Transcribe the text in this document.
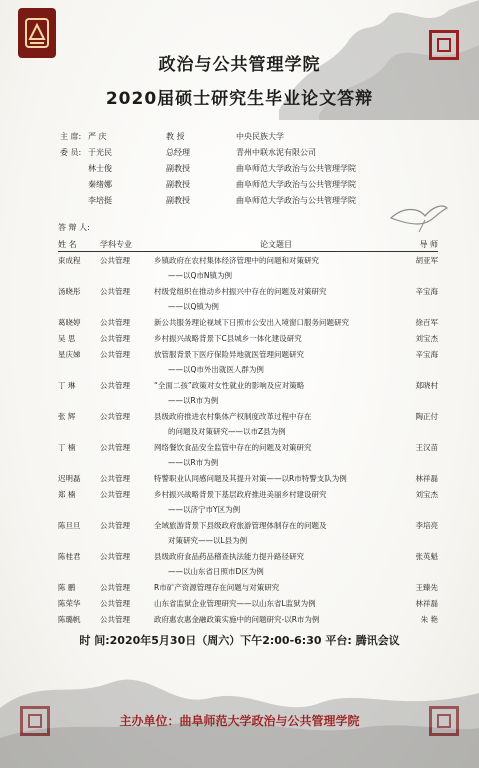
政治与公共管理学院
2020届硕士研究生毕业论文答辩
主 席: 严 庆	教 授	中央民族大学
委 员: 于光民	总经理	青州中联水泥有限公司
林士俊	副教授	曲阜师范大学政治与公共管理学院
秦绪娜	副教授	曲阜师范大学政治与公共管理学院
李培挺	副教授	曲阜师范大学政治与公共管理学院
答 辩 人:
姓 名	学科专业	论文题目	导 师
束成程	公共管理	乡镇政府在农村集体经济管理中的问题和对策研究	胡亚军
——以Q市N镇为例
汤晓彤	公共管理	村级党组织在推动乡村振兴中存在的问题及对策研究	辛宝海
——以Q镇为例
葛晓婷	公共管理	新公共服务理论视域下日照市公安出入境窗口服务问题研究	徐百军
吴 思	公共管理	乡村振兴战略背景下C县城乡一体化建设研究	刘宝杰
星庆娣	公共管理	放管服背景下医疗保险异地就医管理问题研究	辛宝海
——以Q市外出就医人群为例
丁 琳	公共管理	“全面二孩”政策对女性就业的影响及应对策略	郑晓村
——以R市为例
张 辉	公共管理	县级政府推进农村集体产权制度改革过程中存在	陶正付
的问题及对策研究——以市Z县为例
丁 楠	公共管理	网络餐饮食品安全监管中存在的问题及对策研究	王汉苗
——以R市为例
迟明磊	公共管理	特警职业认同感问题及其提升对策——以R市特警支队为例	林祥磊
郑 楠	公共管理	乡村振兴战略背景下基层政府推进美丽乡村建设研究	刘宝杰
——以济宁市Y区为例
陈旦旦	公共管理	全域旅游背景下县级政府旅游管理体制存在的问题及	李培亮
对策研究——以L县为例
陈桂君	公共管理	县级政府食品药品稽查执法能力提升路径研究	张英魁
——以山东省日照市D区为例
陈 鹏	公共管理	R市矿产资源管理存在问题与对策研究	王臻先
陈荣华	公共管理	山东省监狱企业管理研究——以山东省L监狱为例	林祥磊
陈璐帆	公共管理	政府惠农惠金融政策实施中的问题研究-以R市为例	朱 艳
时 间:2020年5月30日（周六）下午2:00-6:30 平台: 腾讯会议
主办单位：曲阜师范大学政治与公共管理学院
